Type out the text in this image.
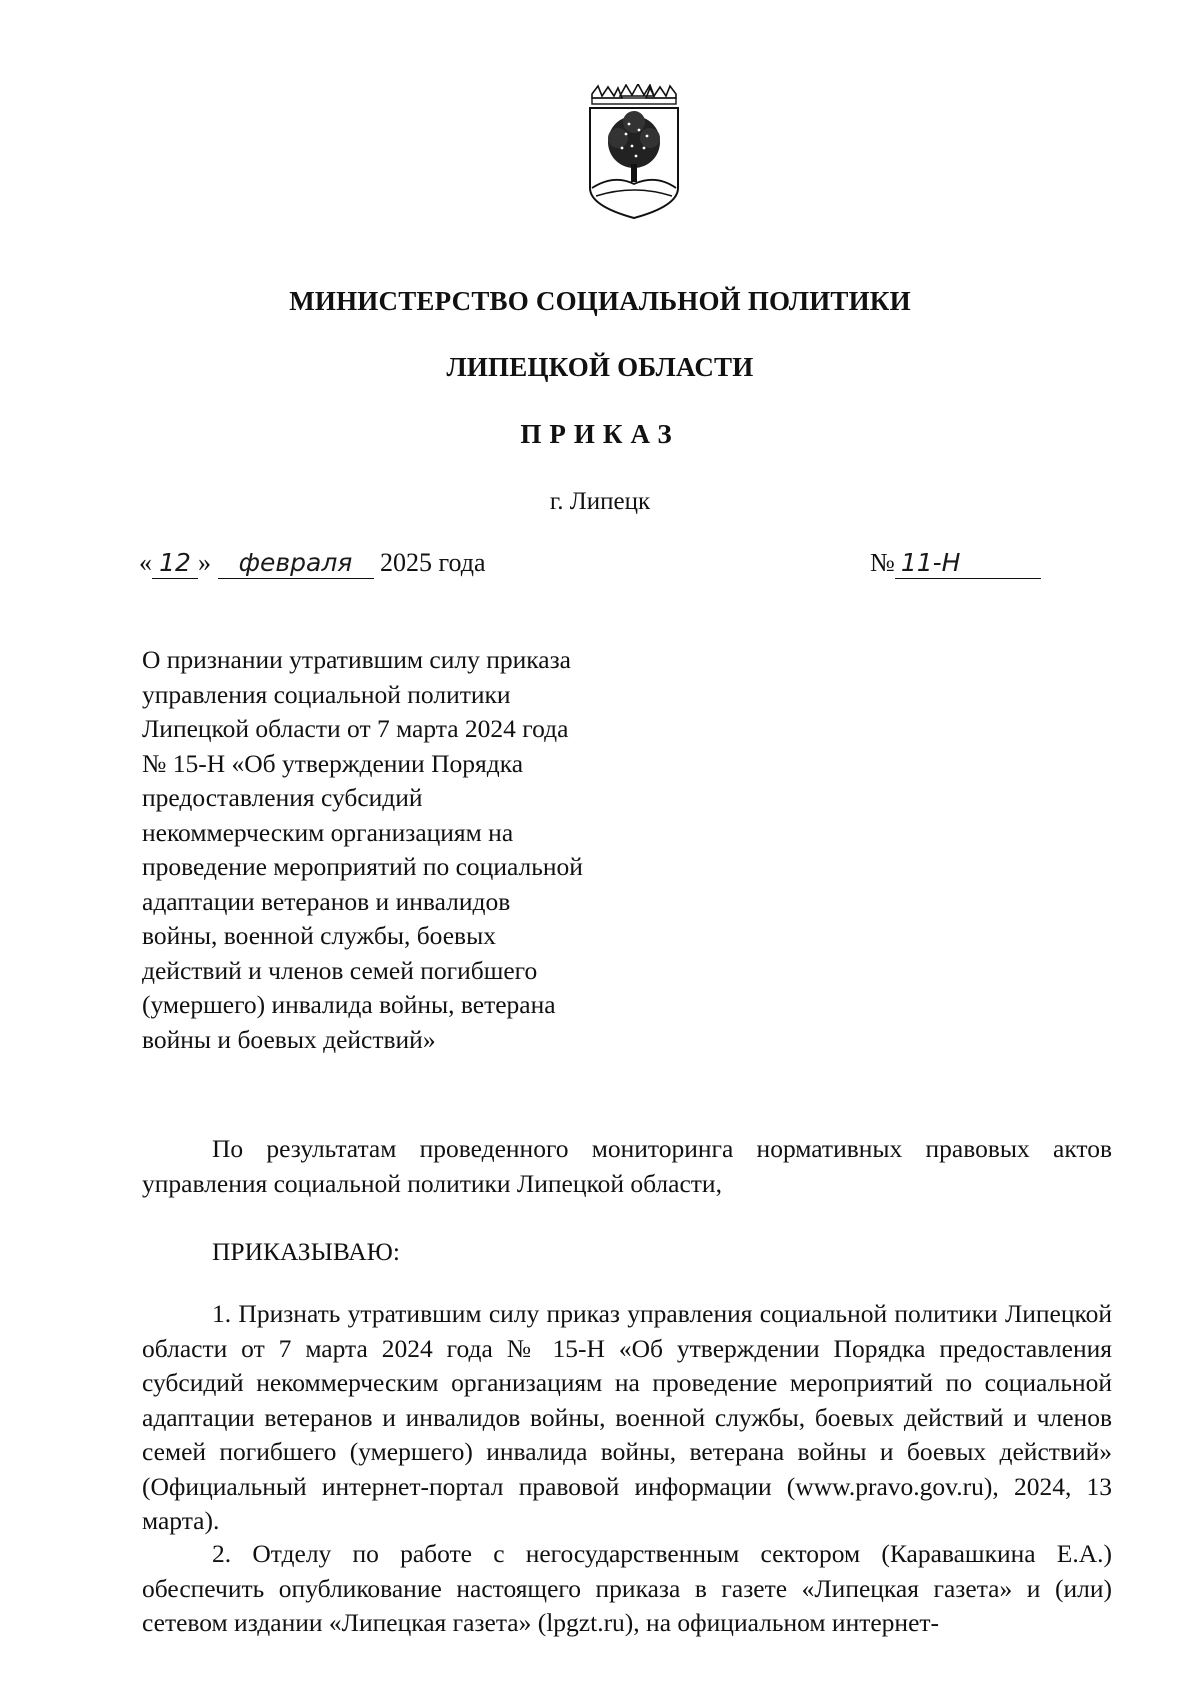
МИНИСТЕРСТВО СОЦИАЛЬНОЙ ПОЛИТИКИ
ЛИПЕЦКОЙ ОБЛАСТИ
ПРИКАЗ
г. Липецк
« 12 » февраля 2025 года	№ 11-Н
О признании утратившим силу приказа
управления социальной политики
Липецкой области от 7 марта 2024 года
№ 15-Н «Об утверждении Порядка
предоставления субсидий
некоммерческим организациям на
проведение мероприятий по социальной
адаптации ветеранов и инвалидов
войны, военной службы, боевых
действий и членов семей погибшего
(умершего) инвалида войны, ветерана
войны и боевых действий»
По результатам проведенного мониторинга нормативных правовых актов управления социальной политики Липецкой области,
ПРИКАЗЫВАЮ:
1. Признать утратившим силу приказ управления социальной политики Липецкой области от 7 марта 2024 года № 15-Н «Об утверждении Порядка предоставления субсидий некоммерческим организациям на проведение мероприятий по социальной адаптации ветеранов и инвалидов войны, военной службы, боевых действий и членов семей погибшего (умершего) инвалида войны, ветерана войны и боевых действий» (Официальный интернет-портал правовой информации (www.pravo.gov.ru), 2024, 13 марта).
2. Отделу по работе с негосударственным сектором (Каравашкина Е.А.) обеспечить опубликование настоящего приказа в газете «Липецкая газета» и (или) сетевом издании «Липецкая газета» (lpgzt.ru), на официальном интернет-
